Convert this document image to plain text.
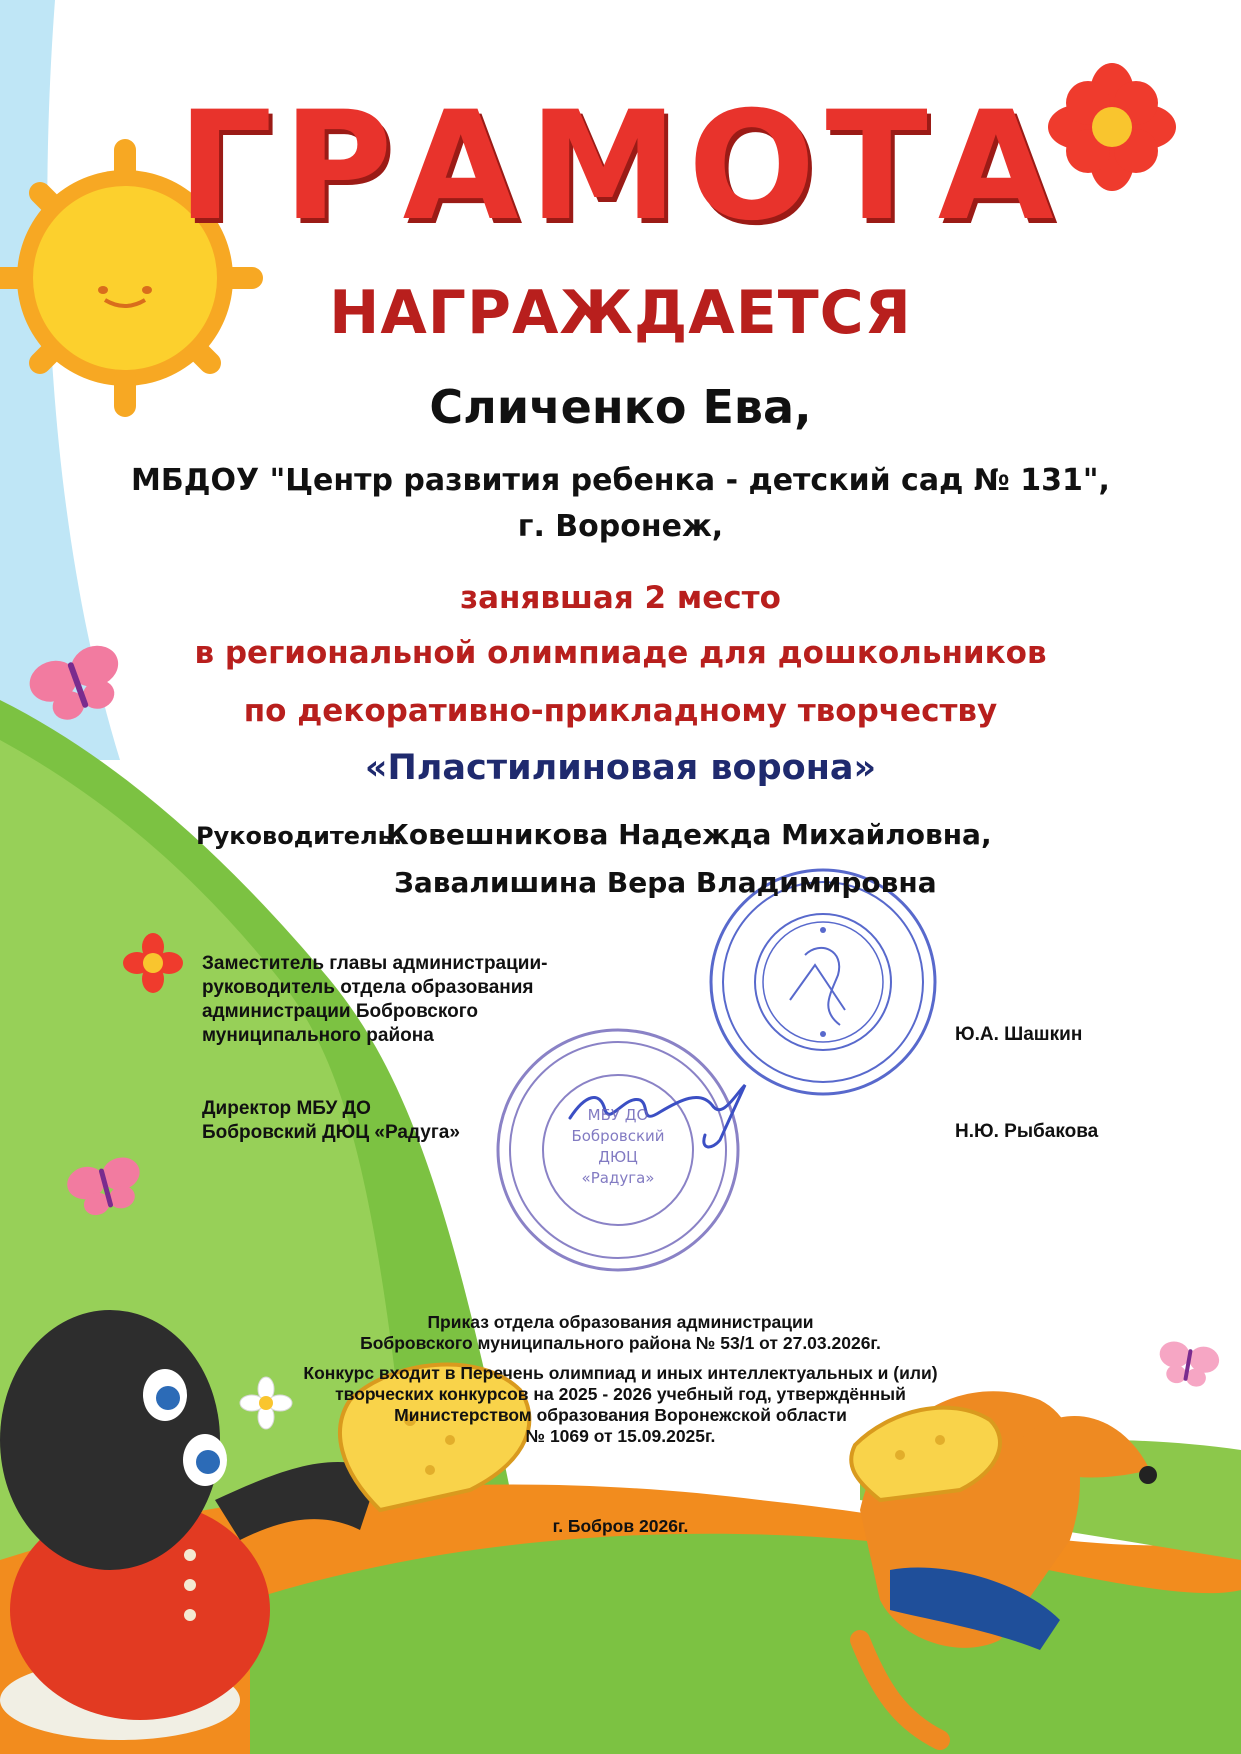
ГРАМОТА
НАГРАЖДАЕТСЯ
Сличенко Ева,
МБДОУ "Центр развития ребенка - детский сад № 131",
г. Воронеж,
занявшая 2 место
в региональной олимпиаде для дошкольников
по декоративно-прикладному творчеству
«Пластилиновая ворона»
Руководитель:
Ковешникова Надежда Михайловна,
Завалишина Вера Владимировна
МБУ ДО
Бобровский
ДЮЦ
«Радуга»
Заместитель главы администрации-
руководитель отдела образования
администрации Бобровского
муниципального района	Ю.А. Шашкин
Директор МБУ ДО
Бобровский ДЮЦ «Радуга»	Н.Ю. Рыбакова
Приказ отдела образования администрации
Бобровского муниципального района № 53/1 от 27.03.2026г.
Конкурс входит в Перечень олимпиад и иных интеллектуальных и (или)
творческих конкурсов на 2025 - 2026 учебный год, утверждённый
Министерством образования Воронежской области
№ 1069 от 15.09.2025г.
г. Бобров 2026г.
